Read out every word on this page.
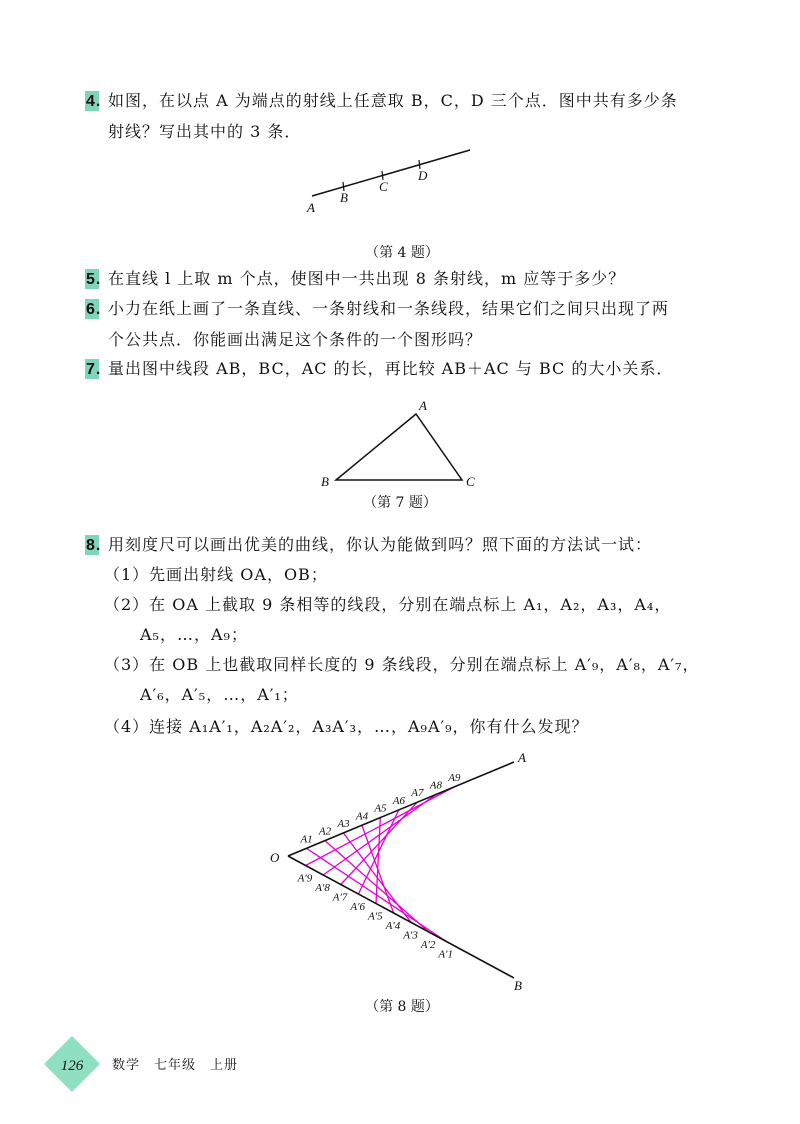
4. 如图，在以点 A 为端点的射线上任意取 B，C，D 三个点．图中共有多少条
射线？写出其中的 3 条．
A
B
C
D
（第 4 题）
5. 在直线 l 上取 m 个点，使图中一共出现 8 条射线，m 应等于多少？
6. 小力在纸上画了一条直线、一条射线和一条线段，结果它们之间只出现了两
个公共点．你能画出满足这个条件的一个图形吗？
7. 量出图中线段 AB，BC，AC 的长，再比较 AB＋AC 与 BC 的大小关系．
A
B	C
（第 7 题）
8. 用刻度尺可以画出优美的曲线，你认为能做到吗？照下面的方法试一试：
（1）先画出射线 OA，OB；
（2）在 OA 上截取 9 条相等的线段，分别在端点标上 A₁，A₂，A₃，A₄，
A₅，…，A₉；
（3）在 OB 上也截取同样长度的 9 条线段，分别在端点标上 A′₉，A′₈，A′₇，
A′₆，A′₅，…，A′₁；
（4）连接 A₁A′₁，A₂A′₂，A₃A′₃，…，A₉A′₉，你有什么发现？
A1
A′9
A2
A′8
A3
A′7
A4
A′6
A5
A′5
A6
A′4
A7
A′3
A8
A′2
A9
A′1
O
A
B
（第 8 题）
126 数学　七年级　上册
